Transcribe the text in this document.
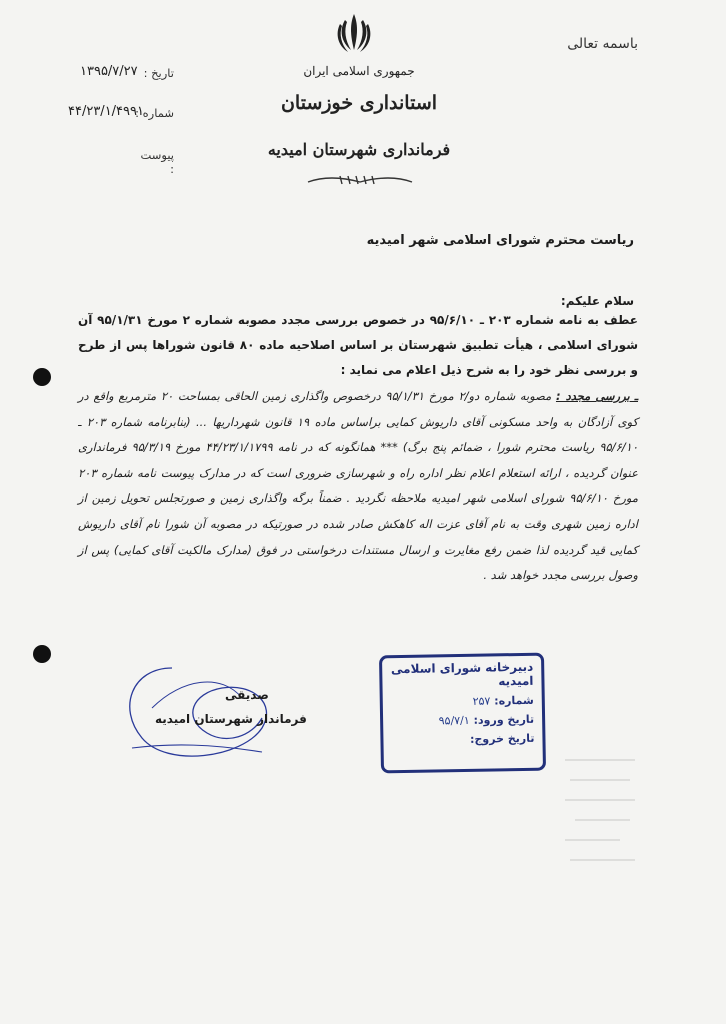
باسمه تعالی
تاریخ :
۱۳۹۵/۷/۲۷
شماره :
۴۴/۲۳/۱/۴۹۹۱
پیوست :
جمهوری اسلامی ایران
استانداری خوزستان
فرمانداری شهرستان امیدیه
ریاست محترم شورای اسلامی شهر امیدیه
سلام علیکم:
عطف به نامه شماره ۲۰۳ ـ ۹۵/۶/۱۰ در خصوص بررسی مجدد مصوبه شماره ۲ مورخ ۹۵/۱/۳۱ آن شورای اسلامی ، هیأت تطبیق شهرستان بر اساس اصلاحیه ماده ۸۰ قانون شوراها پس از طرح و بررسی نظر خود را به شرح ذیل اعلام می نماید :
ـ بررسی مجدد : مصوبه شماره دو/۲ مورخ ۹۵/۱/۳۱ درخصوص واگذاری زمین الحاقی بمساحت ۲۰ مترمربع واقع در کوی آزادگان به واحد مسکونی آقای داریوش کمایی براساس ماده ۱۹ قانون شهرداریها ... (بنابرنامه شماره ۲۰۳ ـ ۹۵/۶/۱۰ ریاست محترم شورا ، ضمائم پنج برگ) *** همانگونه که در نامه ۴۴/۲۳/۱/۱۷۹۹ مورخ ۹۵/۳/۱۹ فرمانداری عنوان گردیده ، ارائه استعلام اعلام نظر اداره راه و شهرسازی ضروری است که در مدارک پیوست نامه شماره ۲۰۳ مورخ ۹۵/۶/۱۰ شورای اسلامی شهر امیدیه ملاحظه نگردید . ضمناً برگه واگذاری زمین و صورتجلس تحویل زمین از اداره زمین شهری وقت به نام آقای عزت اله کاهکش صادر شده در صورتیکه در مصوبه آن شورا نام آقای داریوش کمایی قید گردیده لذا ضمن رفع مغایرت و ارسال مستندات درخواستی در فوق (مدارک مالکیت آقای کمایی) پس از وصول بررسی مجدد خواهد شد .
صدیقی
فرماندار شهرستان امیدیه
دبیرخانه شورای اسلامی امیدیه
شماره: ۲۵۷
تاریخ ورود: ۹۵/۷/۱
تاریخ خروج:
